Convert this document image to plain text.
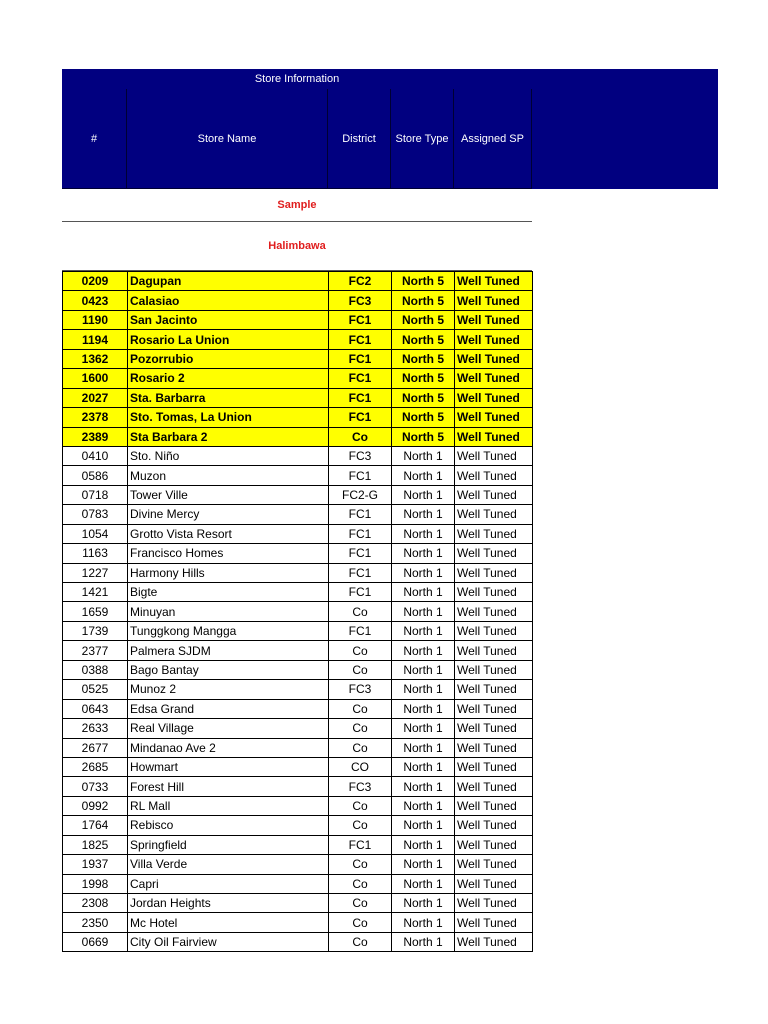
Store Information
#	Store Name	District	Store Type	Assigned SP
Sample
Halimbawa
0209	Dagupan	FC2	North 5	Well Tuned
0423	Calasiao	FC3	North 5	Well Tuned
1190	San Jacinto	FC1	North 5	Well Tuned
1194	Rosario La Union	FC1	North 5	Well Tuned
1362	Pozorrubio	FC1	North 5	Well Tuned
1600	Rosario 2	FC1	North 5	Well Tuned
2027	Sta. Barbarra	FC1	North 5	Well Tuned
2378	Sto. Tomas, La Union	FC1	North 5	Well Tuned
2389	Sta Barbara 2	Co	North 5	Well Tuned
0410	Sto. Niño	FC3	North 1	Well Tuned
0586	Muzon	FC1	North 1	Well Tuned
0718	Tower Ville	FC2-G	North 1	Well Tuned
0783	Divine Mercy	FC1	North 1	Well Tuned
1054	Grotto Vista Resort	FC1	North 1	Well Tuned
1163	Francisco Homes	FC1	North 1	Well Tuned
1227	Harmony Hills	FC1	North 1	Well Tuned
1421	Bigte	FC1	North 1	Well Tuned
1659	Minuyan	Co	North 1	Well Tuned
1739	Tunggkong Mangga	FC1	North 1	Well Tuned
2377	Palmera SJDM	Co	North 1	Well Tuned
0388	Bago Bantay	Co	North 1	Well Tuned
0525	Munoz 2	FC3	North 1	Well Tuned
0643	Edsa Grand	Co	North 1	Well Tuned
2633	Real Village	Co	North 1	Well Tuned
2677	Mindanao Ave 2	Co	North 1	Well Tuned
2685	Howmart	CO	North 1	Well Tuned
0733	Forest Hill	FC3	North 1	Well Tuned
0992	RL Mall	Co	North 1	Well Tuned
1764	Rebisco	Co	North 1	Well Tuned
1825	Springfield	FC1	North 1	Well Tuned
1937	Villa Verde	Co	North 1	Well Tuned
1998	Capri	Co	North 1	Well Tuned
2308	Jordan Heights	Co	North 1	Well Tuned
2350	Mc Hotel	Co	North 1	Well Tuned
0669	City Oil Fairview	Co	North 1	Well Tuned
